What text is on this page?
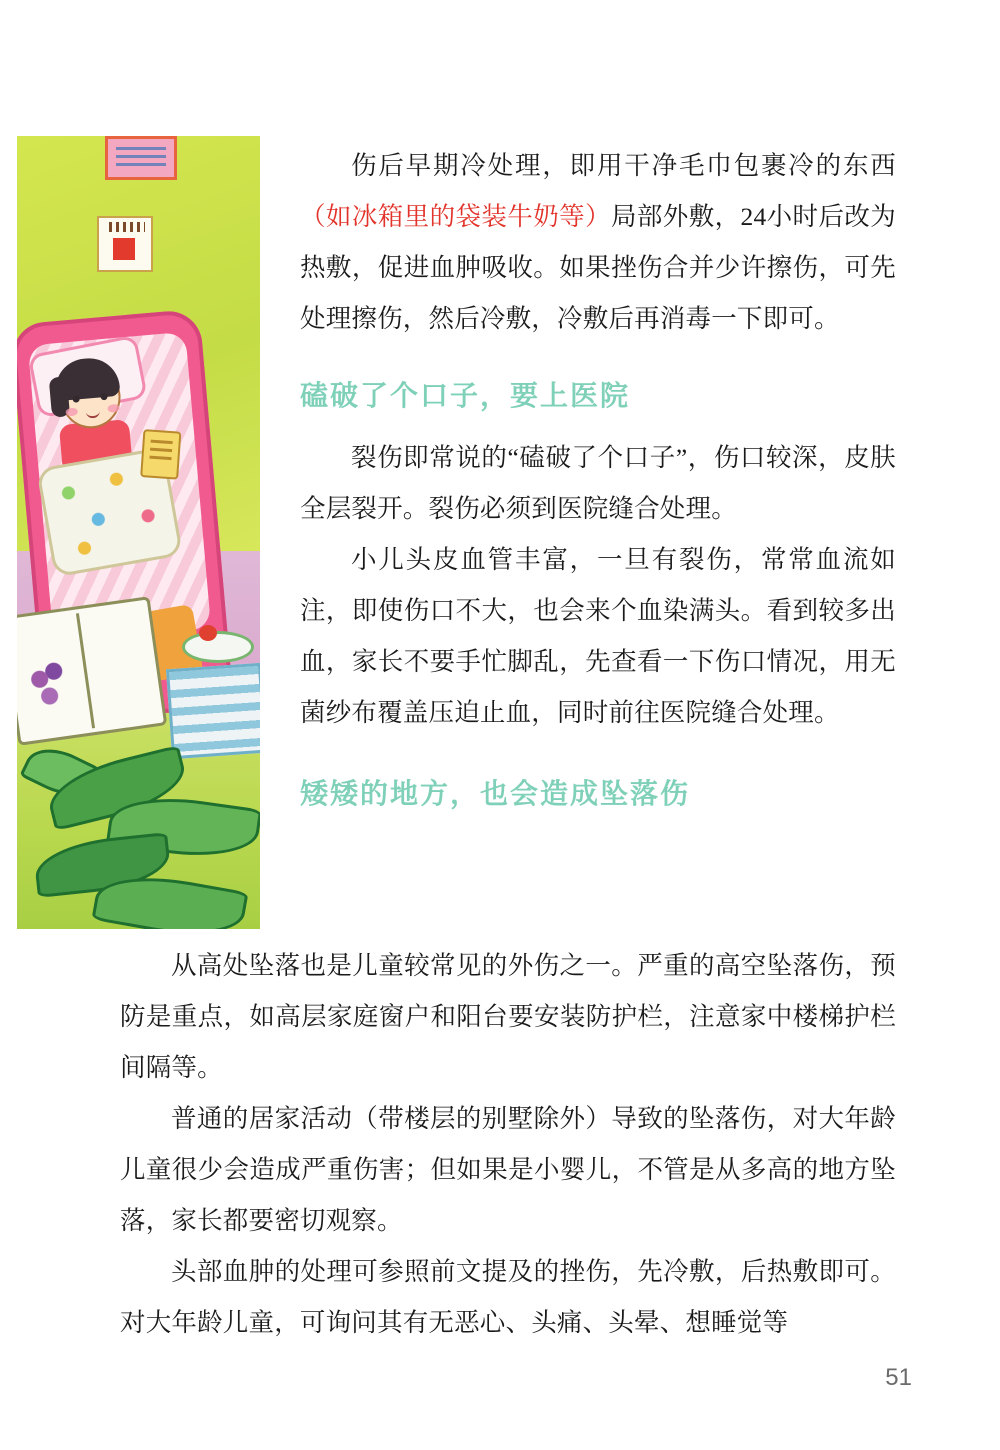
伤后早期冷处理，即用干净毛巾包裹冷的东西（如冰箱里的袋装牛奶等）局部外敷，24小时后改为热敷，促进血肿吸收。如果挫伤合并少许擦伤，可先处理擦伤，然后冷敷，冷敷后再消毒一下即可。

磕破了个口子，要上医院

裂伤即常说的“磕破了个口子”，伤口较深，皮肤全层裂开。裂伤必须到医院缝合处理。

小儿头皮血管丰富，一旦有裂伤，常常血流如注，即使伤口不大，也会来个血染满头。看到较多出血，家长不要手忙脚乱，先查看一下伤口情况，用无菌纱布覆盖压迫止血，同时前往医院缝合处理。

矮矮的地方，也会造成坠落伤

从高处坠落也是儿童较常见的外伤之一。严重的高空坠落伤，预防是重点，如高层家庭窗户和阳台要安装防护栏，注意家中楼梯护栏间隔等。

普通的居家活动（带楼层的别墅除外）导致的坠落伤，对大年龄儿童很少会造成严重伤害；但如果是小婴儿，不管是从多高的地方坠落，家长都要密切观察。

头部血肿的处理可参照前文提及的挫伤，先冷敷，后热敷即可。对大年龄儿童，可询问其有无恶心、头痛、头晕、想睡觉等

51
